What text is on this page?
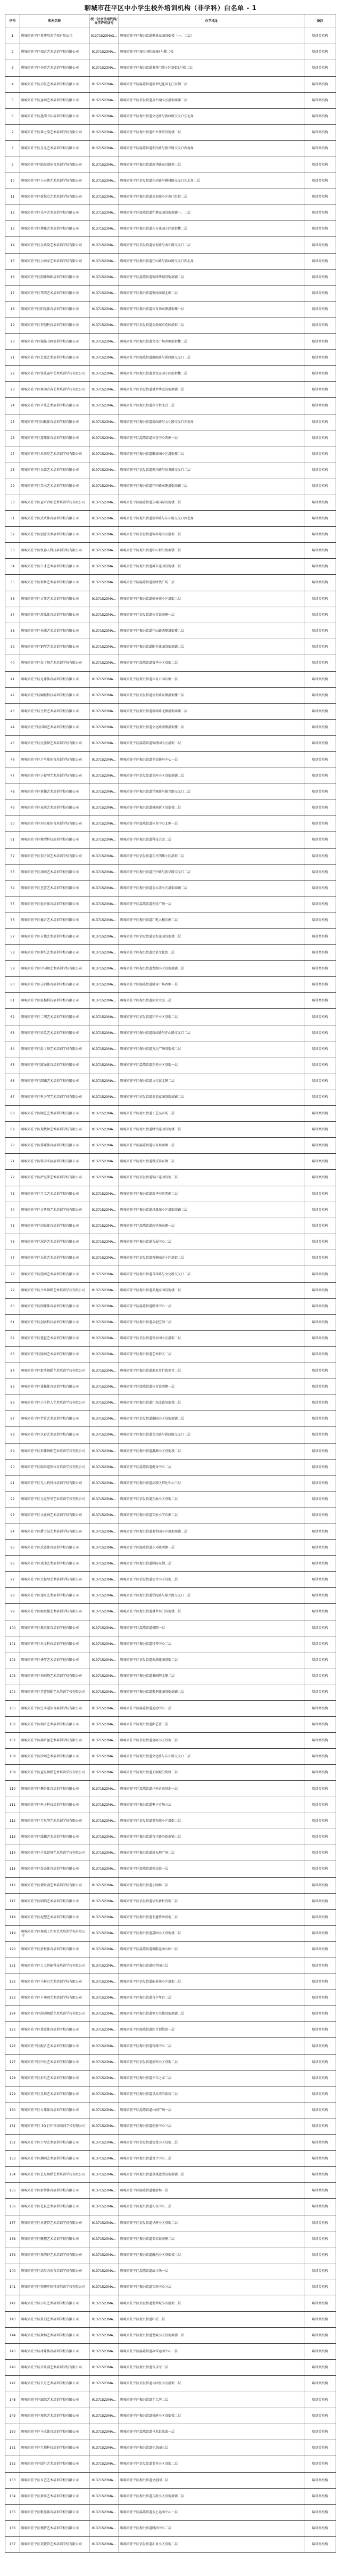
聊城市茌平区中小学生校外培训机构（非学科）白名单 - 1
序号	机构名称	统一社会信用代码/办学许可证号	办学地址	备注
1	聊城市茌平区奥博培训学校有限公司	91371523MA3…	聊城市茌平区振兴街道枫景家园沿街楼（一、二层）	培训类机构
2	聊城市茌平区知言艺术培训学校有限公司	91371523MA…	聊城市茌平区城乡国际商城4号楼二楼	培训类机构
3	聊城市茌平区书香艺术培训学校有限公司	91371523MA…	聊城市茌平区振兴街道书香门第小区沿街1号楼二层	培训类机构
4	聊城市茌平区启航艺术培训学校有限公司	91371523MA…	聊城市茌平区温陈街道新世纪花园北门东侧二层	培训类机构
5	聊城市茌平区童画艺术培训学校有限公司	91371523MA…	聊城市茌平区信发街道金牛湖小区沿街商铺二层	培训类机构
6	聊城市茌平区墨韵书法培训学校有限公司	91371523MA…	聊城市茌平区振兴街道文化路与新政路交叉口东北角	培训类机构
7	聊城市茌平区舞之韵艺术培训学校有限公司	91371523MA…	聊城市茌平区振兴街道中央华府沿街楼二层	培训类机构
8	聊城市茌平区星光艺术培训学校有限公司	91371523MA…	聊城市茌平区温陈街道利民路与振兴路交叉口西南角	培训类机构
9	聊城市茌平区跆拳道体育培训学校有限公司	91371523MA…	聊城市茌平区振兴街道新华路东首路南二层	培训类机构
10	聊城市茌平区小天鹅艺术培训学校有限公司	91371523MA…	聊城市茌平区信发街道东环路与枫林路交叉口东北角二层	培训类机构
11	聊城市茌平区新起点艺术培训学校有限公司	91371523MA…	聊城市茌平区振兴街道幸福苑小区南门沿街二层	培训类机构
12	聊城市茌平区乐享艺术培训学校有限公司	91371523MA…	聊城市茌平区温陈街道和谐家园沿街商铺一、二层	培训类机构
13	聊城市茌平区博雅艺术培训学校有限公司	91371523MA…	聊城市茌平区振兴街道东方花园小区沿街楼二层	培训类机构
14	聊城市茌平区金话筒艺术培训学校有限公司	91371523MA…	聊城市茌平区信发街道信发路与南环路交叉口二层	培训类机构
15	聊城市茌平区小画家艺术培训学校有限公司	91371523MA…	聊城市茌平区振兴街道茌山路与新政路交叉口西北角	培训类机构
16	聊城市茌平区韵律舞蹈培训学校有限公司	91371523MA…	聊城市茌平区温陈街道锦绣华城沿街商铺二层	培训类机构
17	聊城市茌平区琴韵艺术培训学校有限公司	91371523MA…	聊城市茌平区振兴街道银座商城北侧二层	培训类机构
18	聊城市茌平区阳光体育培训学校有限公司	91371523MA…	聊城市茌平区振兴街道体育场东侧沿街楼一层	培训类机构
19	聊城市茌平区智创科技培训学校有限公司	91371523MA…	聊城市茌平区信发街道金鼎城市花园沿街二层	培训类机构
20	聊城市茌平区翰墨书画培训学校有限公司	91371523MA…	聊城市茌平区振兴街道文化广场西侧沿街楼二层	培训类机构
21	聊城市茌平区艺苑艺术培训学校有限公司	91371523MA…	聊城市茌平区温陈街道温陈路与新政路交叉口二层	培训类机构
22	聊城市茌平区快乐童年艺术培训学校有限公司	91371523MA…	聊城市茌平区振兴街道金色家园小区沿街楼二层	培训类机构
23	聊城市茌平区舞动青春艺术培训学校有限公司	91371523MA…	聊城市茌平区信发街道盛世华庭沿街商铺二层	培训类机构
24	聊城市茌平区声乐艺术培训学校有限公司	91371523MA…	聊城市茌平区振兴街道步行街北首二层	培训类机构
25	聊城市茌平区围棋体育培训学校有限公司	91371523MA…	聊城市茌平区振兴街道新政路与文化路交叉口东南角	培训类机构
26	聊城市茌平区篮球体育培训学校有限公司	91371523MA…	聊城市茌平区温陈街道体育中心西侧一层	培训类机构
27	聊城市茌平区未来星艺术培训学校有限公司	91371523MA…	聊城市茌平区振兴街道御景园小区沿街楼二层	培训类机构
28	聊城市茌平区乐器艺术培训学校有限公司	91371523MA…	聊城市茌平区信发街道振兴路与信发路交叉口二层	培训类机构
29	聊城市茌平区美术艺术培训学校有限公司	91371523MA…	聊城市茌平区振兴街道茌中路东侧沿街商铺二层	培训类机构
30	聊城市茌平区童声合唱艺术培训学校有限公司	91371523MA…	聊城市茌平区温陈街道东城国际沿街楼二层	培训类机构
31	聊城市茌平区武术体育培训学校有限公司	91371523MA…	聊城市茌平区振兴街道新华路与东环路交叉口西北角	培训类机构
32	聊城市茌平区创意美术培训学校有限公司	91371523MA…	聊城市茌平区信发街道锦华苑小区沿街二层	培训类机构
33	聊城市茌平区机器人科技培训学校有限公司	91371523MA…	聊城市茌平区振兴街道中心街沿街商铺三层	培训类机构
34	聊城市茌平区口才艺术培训学校有限公司	91371523MA…	聊城市茌平区振兴街道城市花园沿街楼二层	培训类机构
35	聊城市茌平区街舞艺术培训学校有限公司	91371523MA…	聊城市茌平区温陈街道新时代广场二层	培训类机构
36	聊城市茌平区古筝艺术培训学校有限公司	91371523MA…	聊城市茌平区振兴街道翰林苑小区沿街二层	培训类机构
37	聊城市茌平区游泳体育培训学校有限公司	91371523MA…	聊城市茌平区信发街道体育馆南侧一层	培训类机构
38	聊城市茌平区书法艺术培训学校有限公司	91371523MA…	聊城市茌平区振兴街道茌山路西侧沿街楼二层	培训类机构
39	聊城市茌平区钢琴艺术培训学校有限公司	91371523MA…	聊城市茌平区振兴街道阳光花园沿街商铺二层	培训类机构
40	聊城市茌平区拉丁舞艺术培训学校有限公司	91371523MA…	聊城市茌平区温陈街道富华小区沿街二层	培训类机构
41	聊城市茌平区足球体育培训学校有限公司	91371523MA…	聊城市茌平区振兴街道体育公园东侧一层	培训类机构
42	聊城市茌平区编程科技培训学校有限公司	91371523MA…	聊城市茌平区信发街道信发路东侧沿街楼三层	培训类机构
43	聊城市茌平区主持艺术培训学校有限公司	91371523MA…	聊城市茌平区振兴街道新政路北侧沿街商铺二层	培训类机构
44	聊城市茌平区国画艺术培训学校有限公司	91371523MA…	聊城市茌平区振兴街道文化路南侧沿街楼二层	培训类机构
45	聊城市茌平区民族舞艺术培训学校有限公司	91371523MA…	聊城市茌平区温陈街道锦绣园小区沿街二层	培训类机构
46	聊城市茌平区乒乓球体育培训学校有限公司	91371523MA…	聊城市茌平区振兴街道全民健身中心一层	培训类机构
47	聊城市茌平区小提琴艺术培训学校有限公司	91371523MA…	聊城市茌平区信发街道金座小区沿街商铺二层	培训类机构
48	聊城市茌平区素描艺术培训学校有限公司	91371523MA…	聊城市茌平区振兴街道学府路与振兴路交叉口二层	培训类机构
49	聊城市茌平区表演艺术培训学校有限公司	91371523MA…	聊城市茌平区振兴街道城南新区沿街楼二层	培训类机构
50	聊城市茌平区羽毛球体育培训学校有限公司	91371523MA…	聊城市茌平区温陈街道体育中心北侧一层	培训类机构
51	聊城市茌平区模型科技培训学校有限公司	91371523MA…	聊城市茌平区振兴街道科技大厦二层	培训类机构
52	聊城市茌平区架子鼓艺术培训学校有限公司	91371523MA…	聊城市茌平区信发街道东方明珠小区沿街二层	培训类机构
53	聊城市茌平区油画艺术培训学校有限公司	91371523MA…	聊城市茌平区振兴街道茌中路与新华路交叉口二层	培训类机构
54	聊城市茌平区芭蕾艺术培训学校有限公司	91371523MA…	聊城市茌平区振兴街道金水湾小区沿街商铺二层	培训类机构
55	聊城市茌平区轮滑体育培训学校有限公司	91371523MA…	聊城市茌平区温陈街道利民广场一层	培训类机构
56	聊城市茌平区播音艺术培训学校有限公司	91371523MA…	聊城市茌平区振兴街道广电大楼东侧二层	培训类机构
57	聊城市茌平区吉他艺术培训学校有限公司	91371523MA…	聊城市茌平区信发街道信发花园沿街楼二层	培训类机构
58	聊城市茌平区剪纸艺术培训学校有限公司	91371523MA…	聊城市茌平区振兴街道民俗文化街二层	培训类机构
59	聊城市茌平区中国舞艺术培训学校有限公司	91371523MA…	聊城市茌平区振兴街道龙湖小区沿街商铺二层	培训类机构
60	聊城市茌平区击剑体育培训学校有限公司	91371523MA…	聊城市茌平区温陈街道健身广场西侧一层	培训类机构
61	聊城市茌平区航模科技培训学校有限公司	91371523MA…	聊城市茌平区振兴街道创业大厦三层	培训类机构
62	聊城市茌平区二胡艺术培训学校有限公司	91371523MA…	聊城市茌平区信发街道和平小区沿街二层	培训类机构
63	聊城市茌平区彩绘艺术培训学校有限公司	91371523MA…	聊城市茌平区振兴街道新政路与茌山路交叉口二层	培训类机构
64	聊城市茌平区爵士舞艺术培训学校有限公司	91371523MA…	聊城市茌平区振兴街道万达广场沿街楼二层	培训类机构
65	聊城市茌平区跳绳体育培训学校有限公司	91371523MA…	聊城市茌平区温陈街道东苑小区沿街一层	培训类机构
66	聊城市茌平区朗诵艺术培训学校有限公司	91371523MA…	聊城市茌平区振兴街道文化馆北侧二层	培训类机构
67	聊城市茌平区电子琴艺术培训学校有限公司	91371523MA…	聊城市茌平区信发街道幸福家园沿街商铺二层	培训类机构
68	聊城市茌平区陶艺艺术培训学校有限公司	91371523MA…	聊城市茌平区振兴街道工艺品市场二层	培训类机构
69	聊城市茌平区现代舞艺术培训学校有限公司	91371523MA…	聊城市茌平区振兴街道时代花园沿街楼二层	培训类机构
70	聊城市茌平区排球体育培训学校有限公司	91371523MA…	聊城市茌平区温陈街道体育场南侧一层	培训类机构
71	聊城市茌平区科学实验培训学校有限公司	91371523MA…	聊城市茌平区振兴街道科技馆东侧二层	培训类机构
72	聊城市茌平区萨克斯艺术培训学校有限公司	91371523MA…	聊城市茌平区信发街道锦江花园沿街二层	培训类机构
73	聊城市茌平区手工艺术培训学校有限公司	91371523MA…	聊城市茌平区振兴街道新华书店西侧二层	培训类机构
74	聊城市茌平区古典舞艺术培训学校有限公司	91371523MA…	聊城市茌平区振兴街道凤凰城小区沿街商铺二层	培训类机构
75	聊城市茌平区田径体育培训学校有限公司	91371523MA…	聊城市茌平区温陈街道田径场东侧一层	培训类机构
76	聊城市茌平区演讲艺术培训学校有限公司	91371523MA…	聊城市茌平区振兴街道会展中心二层	培训类机构
77	聊城市茌平区长笛艺术培训学校有限公司	91371523MA…	聊城市茌平区信发街道香榭丽舍小区沿街二层	培训类机构
78	聊城市茌平区漫画艺术培训学校有限公司	91371523MA…	聊城市茌平区振兴街道青年路与文化路交叉口二层	培训类机构
79	聊城市茌平区少儿舞蹈艺术培训学校有限公司	91371523MA…	聊城市茌平区振兴街道美地家园沿街楼二层	培训类机构
80	聊城市茌平区网球体育培训学校有限公司	91371523MA…	聊城市茌平区温陈街道网球中心一层	培训类机构
81	聊城市茌平区创客科技培训学校有限公司	91371523MA…	聊城市茌平区振兴街道众创空间三层	培训类机构
82	聊城市茌平区琵琶艺术培训学校有限公司	91371523MA…	聊城市茌平区信发街道碧水园小区沿街二层	培训类机构
83	聊城市茌平区版画艺术培训学校有限公司	91371523MA…	聊城市茌平区振兴街道艺术街区二层	培训类机构
84	聊城市茌平区街头舞蹈艺术培训学校有限公司	91371523MA…	聊城市茌平区振兴街道商业步行街南首二层	培训类机构
85	聊城市茌平区体操体育培训学校有限公司	91371523MA…	聊城市茌平区温陈街道体育馆西侧一层	培训类机构
86	聊城市茌平区小主持人艺术培训学校有限公司	91371523MA…	聊城市茌平区振兴街道广场北路沿街楼二层	培训类机构
87	聊城市茌平区竹笛艺术培训学校有限公司	91371523MA…	聊城市茌平区信发街道御园小区沿街商铺二层	培训类机构
88	聊城市茌平区水彩艺术培训学校有限公司	91371523MA…	聊城市茌平区振兴街道文昌路与新政路交叉口二层	培训类机构
89	聊城市茌平区形体舞蹈艺术培训学校有限公司	91371523MA…	聊城市茌平区振兴街道鑫源小区沿街楼二层	培训类机构
90	聊城市茌平区跆拳道馆体育培训学校有限公司	91371523MA…	聊城市茌平区温陈街道健身中心二层	培训类机构
91	聊城市茌平区无人机科技培训学校有限公司	91371523MA…	聊城市茌平区振兴街道高新区孵化中心三层	培训类机构
92	聊城市茌平区尤克里里艺术培训学校有限公司	91371523MA…	聊城市茌平区信发街道东海小区沿街二层	培训类机构
93	聊城市茌平区儿童画艺术培训学校有限公司	91371523MA…	聊城市茌平区振兴街道实验小学东侧二层	培训类机构
94	聊城市茌平区爵士鼓艺术培训学校有限公司	91371523MA…	聊城市茌平区振兴街道泰和园小区沿街商铺二层	培训类机构
95	聊城市茌平区武道体育培训学校有限公司	91371523MA…	聊城市茌平区温陈街道东环路西侧一层	培训类机构
96	聊城市茌平区戏曲艺术培训学校有限公司	91371523MA…	聊城市茌平区振兴街道剧院东侧二层	培训类机构
97	聊城市茌平区大提琴艺术培训学校有限公司	91371523MA…	聊城市茌平区信发街道信合小区沿街二层	培训类机构
98	聊城市茌平区速写艺术培训学校有限公司	91371523MA…	聊城市茌平区振兴街道学院路与振兴路交叉口二层	培训类机构
99	聊城市茌平区啦啦操艺术培训学校有限公司	91371523MA…	聊城市茌平区振兴街道盛世名门沿街楼二层	培训类机构
100	聊城市茌平区棋类体育培训学校有限公司	91371523MA…	聊城市茌平区温陈街道棋院一层	培训类机构
101	聊城市茌平区天文科技培训学校有限公司	91371523MA…	聊城市茌平区振兴街道科普中心二层	培训类机构
102	聊城市茌平区扬琴艺术培训学校有限公司	91371523MA…	聊城市茌平区信发街道南湖花园沿街二层	培训类机构
103	聊城市茌平区书画院艺术培训学校有限公司	91371523MA…	聊城市茌平区振兴街道书画院北侧二层	培训类机构
104	聊城市茌平区芭蕾舞蹈艺术培训学校有限公司	91371523MA…	聊城市茌平区振兴街道紫荆花园沿街商铺二层	培训类机构
105	聊城市茌平区空手道体育培训学校有限公司	91371523MA…	聊城市茌平区温陈街道运动中心一层	培训类机构
106	聊城市茌平区相声艺术培训学校有限公司	91371523MA…	聊城市茌平区振兴街道曲艺社二层	培训类机构
107	聊城市茌平区葫芦丝艺术培训学校有限公司	91371523MA…	聊城市茌平区信发街道金河小区沿街二层	培训类机构
108	聊城市茌平区沙画艺术培训学校有限公司	91371523MA…	聊城市茌平区振兴街道文化路与东环路交叉口二层	培训类机构
109	聊城市茌平区童星舞蹈艺术培训学校有限公司	91371523MA…	聊城市茌平区振兴街道天润城沿街楼二层	培训类机构
110	聊城市茌平区攀岩体育培训学校有限公司	91371523MA…	聊城市茌平区温陈街道户外运动基地一层	培训类机构
111	聊城市茌平区电子科技培训学校有限公司	91371523MA…	聊城市茌平区振兴街道电子市场三层	培训类机构
112	聊城市茌平区手风琴艺术培训学校有限公司	91371523MA…	聊城市茌平区信发街道嘉和苑小区沿街二层	培训类机构
113	聊城市茌平区线描艺术培训学校有限公司	91371523MA…	聊城市茌平区振兴街道育才路沿街商铺二层	培训类机构
114	聊城市茌平区少儿街舞艺术培训学校有限公司	91371523MA…	聊城市茌平区振兴街道新天地广场二层	培训类机构
115	聊城市茌平区拳击体育培训学校有限公司	91371523MA…	聊城市茌平区温陈街道搏击馆一层	培训类机构
116	聊城市茌平区情景剧艺术培训学校有限公司	91371523MA…	聊城市茌平区振兴街道小剧场二层	培训类机构
117	聊城市茌平区唢呐艺术培训学校有限公司	91371523MA…	聊城市茌平区信发街道信发新村沿街二层	培训类机构
118	聊城市茌平区泥塑艺术培训学校有限公司	91371523MA…	聊城市茌平区振兴街道非遗传承基地二层	培训类机构
119	聊城市茌平区舞蹈工作室艺术培训学校有限公司	91371523MA…	聊城市茌平区振兴街道嘉园小区沿街楼二层	培训类机构
120	聊城市茌平区滑板体育培训学校有限公司	91371523MA…	聊城市茌平区温陈街道极限运动公园一层	培训类机构
121	聊城市茌平区人工智能科技培训学校有限公司	91371523MA…	聊城市茌平区振兴街道软件园三层	培训类机构
122	聊城市茌平区马林巴艺术培训学校有限公司	91371523MA…	聊城市茌平区信发街道丽景苑小区沿街二层	培训类机构
123	聊城市茌平区卡通画艺术培训学校有限公司	91371523MA…	聊城市茌平区振兴街道青少年宫二层	培训类机构
124	聊城市茌平区韵动舞蹈艺术培训学校有限公司	91371523MA…	聊城市茌平区振兴街道恒大名都沿街商铺二层	培训类机构
125	聊城市茌平区柔道体育培训学校有限公司	91371523MA…	聊城市茌平区温陈街道综合训练馆一层	培训类机构
126	聊城市茌平区配音艺术培训学校有限公司	91371523MA…	聊城市茌平区振兴街道传媒中心二层	培训类机构
127	聊城市茌平区中阮艺术培训学校有限公司	91371523MA…	聊城市茌平区信发街道润和小区沿街二层	培训类机构
128	聊城市茌平区折纸艺术培训学校有限公司	91371523MA…	聊城市茌平区振兴街道少年之家二层	培训类机构
129	聊城市茌平区星舞艺术培训学校有限公司	91371523MA…	聊城市茌平区振兴街道星河湾沿街楼二层	培训类机构
130	聊城市茌平区台球体育培训学校有限公司	91371523MA…	聊城市茌平区温陈街道休闲广场一层	培训类机构
131	聊城市茌平区 3D 打印科技培训学校有限公司	91371523MA…	聊城市茌平区振兴街道创新中心三层	培训类机构
132	聊城市茌平区口琴艺术培训学校有限公司	91371523MA…	聊城市茌平区信发街道宝龙小区沿街二层	培训类机构
133	聊城市茌平区插画艺术培训学校有限公司	91371523MA…	聊城市茌平区振兴街道设计中心二层	培训类机构
134	聊城市茌平区艺星舞蹈艺术培训学校有限公司	91371523MA…	聊城市茌平区振兴街道金域蓝湾沿街商铺二层	培训类机构
135	聊城市茌平区射箭体育培训学校有限公司	91371523MA…	聊城市茌平区温陈街道射箭场一层	培训类机构
136	聊城市茌平区礼仪艺术培训学校有限公司	91371523MA…	聊城市茌平区振兴街道礼仪中心二层	培训类机构
137	聊城市茌平区单簧管艺术培训学校有限公司	91371523MA…	聊城市茌平区信发街道华府小区沿街二层	培训类机构
138	聊城市茌平区雕塑艺术培训学校有限公司	91371523MA…	聊城市茌平区振兴街道美术馆南侧二层	培训类机构
139	聊城市茌平区舞韵轩艺术培训学校有限公司	91371523MA…	聊城市茌平区振兴街道融创小区沿街楼二层	培训类机构
140	聊城市茌平区高尔夫体育培训学校有限公司	91371523MA…	聊城市茌平区温陈街道练习场一层	培训类机构
141	聊城市茌平区物理实验科技培训学校有限公司	91371523MA…	聊城市茌平区振兴街道实验中心三层	培训类机构
142	聊城市茌平区小号艺术培训学校有限公司	91371523MA…	聊城市茌平区信发街道翡翠城小区沿街二层	培训类机构
143	聊城市茌平区篆刻艺术培训学校有限公司	91371523MA…	聊城市茌平区振兴街道印社二层	培训类机构
144	聊城市茌平区舞林艺术培训学校有限公司	91371523MA…	聊城市茌平区振兴街道龙城小区沿街商铺二层	培训类机构
145	聊城市茌平区冰球体育培训学校有限公司	91371523MA…	聊城市茌平区温陈街道冰雪运动中心一层	培训类机构
146	聊城市茌平区音乐剧艺术培训学校有限公司	91371523MA…	聊城市茌平区振兴街道音乐厅二层	培训类机构
147	聊城市茌平区长号艺术培训学校有限公司	91371523MA…	聊城市茌平区信发街道公园里小区沿街二层	培训类机构
148	聊城市茌平区编织艺术培训学校有限公司	91371523MA…	聊城市茌平区振兴街道手工坊二层	培训类机构
149	聊城市茌平区舞悦艺术培训学校有限公司	91371523MA…	聊城市茌平区振兴街道悦府小区沿街楼二层	培训类机构
150	聊城市茌平区马术体育培训学校有限公司	91371523MA…	聊城市茌平区温陈街道马术俱乐部一层	培训类机构
151	聊城市茌平区生物科技培训学校有限公司	91371523MA…	聊城市茌平区振兴街道生态园三层	培训类机构
152	聊城市茌平区圆号艺术培训学校有限公司	91371523MA…	聊城市茌平区信发街道名苑小区沿街二层	培训类机构
153	聊城市茌平区布艺艺术培训学校有限公司	91371523MA…	聊城市茌平区振兴街道文创园二层	培训类机构
154	聊城市茌平区舞乐艺术培训学校有限公司	91371523MA…	聊城市茌平区振兴街道乐府小区沿街商铺二层	培训类机构
155	聊城市茌平区帆船体育培训学校有限公司	91371523MA…	聊城市茌平区温陈街道水上运动中心一层	培训类机构
156	聊城市茌平区模特艺术培训学校有限公司	91371523MA…	聊城市茌平区振兴街道时尚中心二层	培训类机构
157	聊城市茌平区双簧管艺术培训学校有限公司	91371523MA…	聊城市茌平区信发街道汇景小区沿街二层	培训类机构
